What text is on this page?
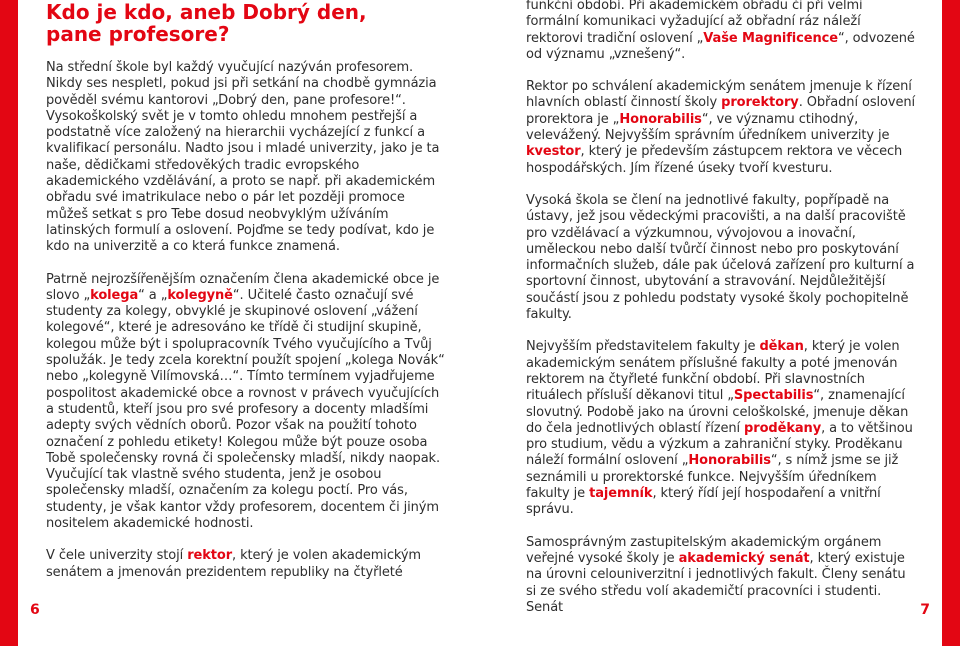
Kdo je kdo, aneb Dobrý den,
pane profesore?

Na střední škole byl každý vyučující nazýván profesorem. Nikdy ses nespletl, pokud jsi při setkání na chodbě gymnázia pověděl svému kantorovi „Dobrý den, pane profesore!“. Vysokoškolský svět je v tomto ohledu mnohem pestřejší a podstatně více založený na hierarchii vycházející z funkcí a kvalifikací personálu. Nadto jsou i mladé univerzity, jako je ta naše, dědičkami středověkých tradic evropského akademického vzdělávání, a proto se např. při akademickém obřadu své imatrikulace nebo o pár let později promoce můžeš setkat s pro Tebe dosud neobvyklým užíváním latinských formulí a oslovení. Pojďme se tedy podívat, kdo je kdo na univerzitě a co která funkce znamená.

Patrně nejrozšířenějším označením člena akademické obce je slovo „kolega“ a „kolegyně“. Učitelé často označují své studenty za kolegy, obvyklé je skupinové oslovení „vážení kolegové“, které je adresováno ke třídě či studijní skupině, kolegou může být i spolupracovník Tvého vyučujícího a Tvůj spolužák. Je tedy zcela korektní použít spojení „kolega Novák“ nebo „kolegyně Vilímovská…“. Tímto termínem vyjadřujeme pospolitost akademické obce a rovnost v právech vyučujících a studentů, kteří jsou pro své profesory a docenty mladšími adepty svých vědních oborů. Pozor však na použití tohoto označení z pohledu etikety! Kolegou může být pouze osoba Tobě společensky rovná či společensky mladší, nikdy naopak. Vyučující tak vlastně svého studenta, jenž je osobou společensky mladší, označením za kolegu poctí. Pro vás, studenty, je však kantor vždy profesorem, docentem či jiným nositelem akademické hodnosti.

V čele univerzity stojí rektor, který je volen akademickým senátem a jmenován prezidentem republiky na čtyřleté

funkční období. Při akademickém obřadu či při velmi formální komunikaci vyžadující až obřadní ráz náleží rektorovi tradiční oslovení „Vaše Magnificence“, odvozené od významu „vznešený“.

Rektor po schválení akademickým senátem jmenuje k řízení hlavních oblastí činností školy prorektory. Obřadní oslovení prorektora je „Honorabilis“, ve významu ctihodný, velevážený. Nejvyšším správním úředníkem univerzity je kvestor, který je především zástupcem rektora ve věcech hospodářských. Jím řízené úseky tvoří kvesturu.

Vysoká škola se člení na jednotlivé fakulty, popřípadě na ústavy, jež jsou vědeckými pracovišti, a na další pracoviště pro vzdělávací a výzkumnou, vývojovou a inovační, uměleckou nebo další tvůrčí činnost nebo pro poskytování informačních služeb, dále pak účelová zařízení pro kulturní a sportovní činnost, ubytování a stravování. Nejdůležitější součástí jsou z pohledu podstaty vysoké školy pochopitelně fakulty.

Nejvyšším představitelem fakulty je děkan, který je volen akademickým senátem příslušné fakulty a poté jmenován rektorem na čtyřleté funkční období. Při slavnostních rituálech přísluší děkanovi titul „Spectabilis“, znamenající slovutný. Podobě jako na úrovni celoškolské, jmenuje děkan do čela jednotlivých oblastí řízení proděkany, a to většinou pro studium, vědu a výzkum a zahraniční styky. Proděkanu náleží formální oslovení „Honorabilis“, s nímž jsme se již seznámili u prorektorské funkce. Nejvyšším úředníkem fakulty je tajemník, který řídí její hospodaření a vnitřní správu.

Samosprávným zastupitelským akademickým orgánem veřejné vysoké školy je akademický senát, který existuje na úrovni celouniverzitní i jednotlivých fakult. Členy senátu si ze svého středu volí akademičtí pracovníci i studenti. Senát

6	7
